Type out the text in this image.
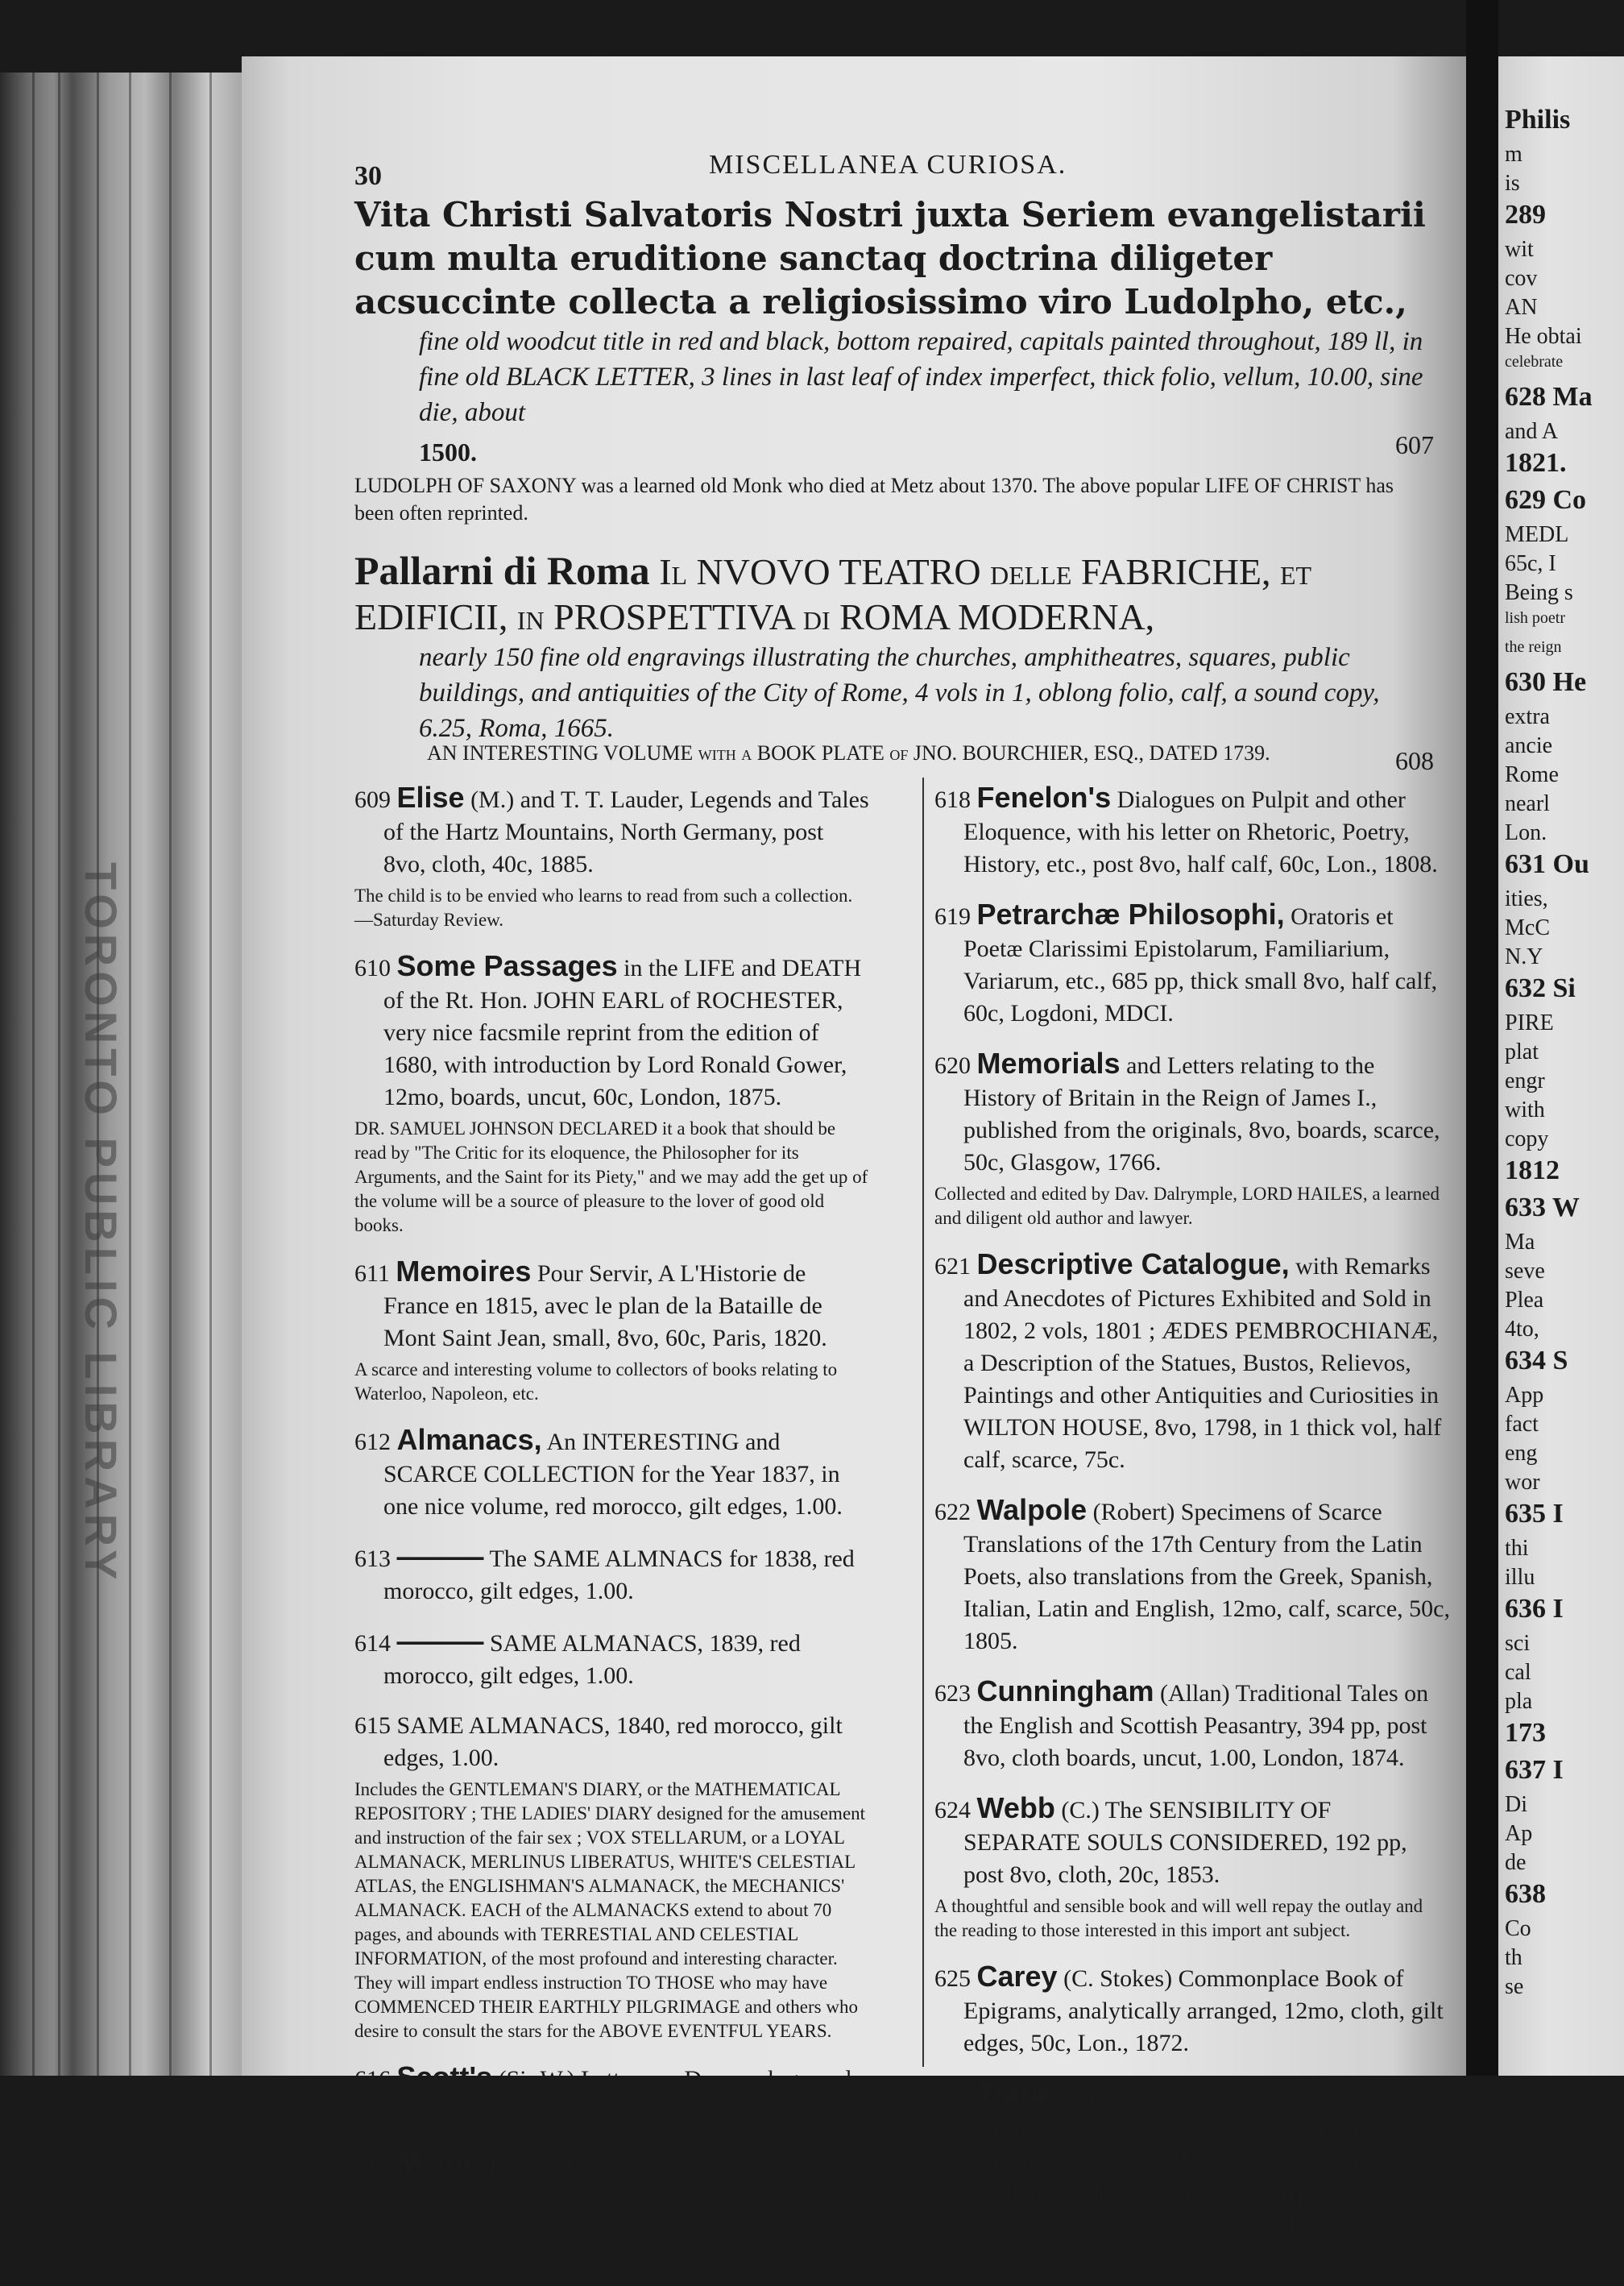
TORONTO PUBLIC LIBRARY
30	MISCELLANEA CURIOSA.
Vita Christi Salvatoris Nostri juxta Seriem evangelistarii cum multa eruditione sanctaq doctrina diligeter acsuccinte collecta a religiosissimo viro Ludolpho, etc.,
fine old woodcut title in red and black, bottom repaired, capitals painted throughout, 189 ll, in fine old BLACK LETTER, 3 lines in last leaf of index imperfect, thick folio, vellum, 10.00, sine die, about
607
1500.
LUDOLPH OF SAXONY was a learned old Monk who died at Metz about 1370. The above popular LIFE OF CHRIST has been often reprinted.
Pallarni di Roma Il NVOVO TEATRO delle FABRICHE, et EDIFICII, in PROSPETTIVA di ROMA MODERNA,
nearly 150 fine old engravings illustrating the churches, amphitheatres, squares, public buildings, and antiquities of the City of Rome, 4 vols in 1, oblong folio, calf, a sound copy, 6.25, Roma, 1665.
608
AN INTERESTING VOLUME with a BOOK PLATE of JNO. BOURCHIER, ESQ., DATED 1739.
609 Elise (M.) and T. T. Lauder, Legends and Tales of the Hartz Mountains, North Germany, post 8vo, cloth, 40c, 1885.
The child is to be envied who learns to read from such a collection.—Saturday Review.
610 Some Passages in the LIFE and DEATH of the Rt. Hon. JOHN EARL of ROCHESTER, very nice facsmile reprint from the edition of 1680, with introduction by Lord Ronald Gower, 12mo, boards, uncut, 60c, London, 1875.
DR. SAMUEL JOHNSON DECLARED it a book that should be read by "The Critic for its eloquence, the Philosopher for its Arguments, and the Saint for its Piety," and we may add the get up of the volume will be a source of pleasure to the lover of good old books.
611 Memoires Pour Servir, A L'Historie de France en 1815, avec le plan de la Bataille de Mont Saint Jean, small, 8vo, 60c, Paris, 1820.
A scarce and interesting volume to collectors of books relating to Waterloo, Napoleon, etc.
612 Almanacs, An INTERESTING and SCARCE COLLECTION for the Year 1837, in one nice volume, red morocco, gilt edges, 1.00.
613 ——— The SAME ALMNACS for 1838, red morocco, gilt edges, 1.00.
614 ——— SAME ALMANACS, 1839, red morocco, gilt edges, 1.00.
615 SAME ALMANACS, 1840, red morocco, gilt edges, 1.00.
Includes the GENTLEMAN'S DIARY, or the MATHEMATICAL REPOSITORY ; THE LADIES' DIARY designed for the amusement and instruction of the fair sex ; VOX STELLARUM, or a LOYAL ALMANACK, MERLINUS LIBERATUS, WHITE'S CELESTIAL ATLAS, the ENGLISHMAN'S ALMANACK, the MECHANICS' ALMANACK. EACH of the ALMANACKS extend to about 70 pages, and abounds with TERRESTIAL AND CELESTIAL INFORMATION, of the most profound and interesting character. They will impart endless instruction TO THOSE who may have COMMENCED THEIR EARTHLY PILGRIMAGE and others who desire to consult the stars for the ABOVE EVENTFUL YEARS.
616 Scott's (Sir W.) Letters on Demonology and Witchcraft, post 8vo, cloth, 30c, Murray, 1831.
617 Memoir of PETER the GREAT, port., half calf, 30c, Murray's Fam. Lib., 1832.
618 Fenelon's Dialogues on Pulpit and other Eloquence, with his letter on Rhetoric, Poetry, History, etc., post 8vo, half calf, 60c, Lon., 1808.
619 Petrarchæ Philosophi, Oratoris et Poetæ Clarissimi Epistolarum, Familiarium, Variarum, etc., 685 pp, thick small 8vo, half calf, 60c, Logdoni, MDCI.
620 Memorials and Letters relating to the History of Britain in the Reign of James I., published from the originals, 8vo, boards, scarce, 50c, Glasgow, 1766.
Collected and edited by Dav. Dalrymple, LORD HAILES, a learned and diligent old author and lawyer.
621 Descriptive Catalogue, with Remarks and Anecdotes of Pictures Exhibited and Sold in 1802, 2 vols, 1801 ; ÆDES PEMBROCHIANÆ, a Description of the Statues, Bustos, Relievos, Paintings and other Antiquities and Curiosities in WILTON HOUSE, 8vo, 1798, in 1 thick vol, half calf, scarce, 75c.
622 Walpole (Robert) Specimens of Scarce Translations of the 17th Century from the Latin Poets, also translations from the Greek, Spanish, Italian, Latin and English, 12mo, calf, scarce, 50c, 1805.
623 Cunningham (Allan) Traditional Tales on the English and Scottish Peasantry, 394 pp, post 8vo, cloth boards, uncut, 1.00, London, 1874.
624 Webb (C.) The SENSIBILITY OF SEPARATE SOULS CONSIDERED, 192 pp, post 8vo, cloth, 20c, 1853.
A thoughtful and sensible book and will well repay the outlay and the reading to those interested in this import ant subject.
625 Carey (C. Stokes) Commonplace Book of Epigrams, analytically arranged, 12mo, cloth, gilt edges, 50c, Lon., 1872.
626 Trade (The) to India critically and calmly considered and proven to be destructive to the general trade of Great Britain as well as to the woollen and silk manufacturers in particular, 45 pp, 8vo, sewn, 50c, at the Angel, 1720.
A scarce pamphlet by DANIEL DEFOE.
Philis
m
is
289
wit
cov
AN
He obtai
celebrate
628 Ma
and A
1821.
629 Co
MEDL
65c, I
Being s
lish poetr
the reign
630 He
extra
ancie
Rome
nearl
Lon.
631 Ou
ities,
McC
N.Y
632 Si
PIRE
plat
engr
with
copy
1812
633 W
Ma
seve
Plea
4to,
634 S
App
fact
eng
wor
635 I
thi
illu
636 I
sci
cal
pla
173
637 I
Di
Ap
de
638
Co
th
se
